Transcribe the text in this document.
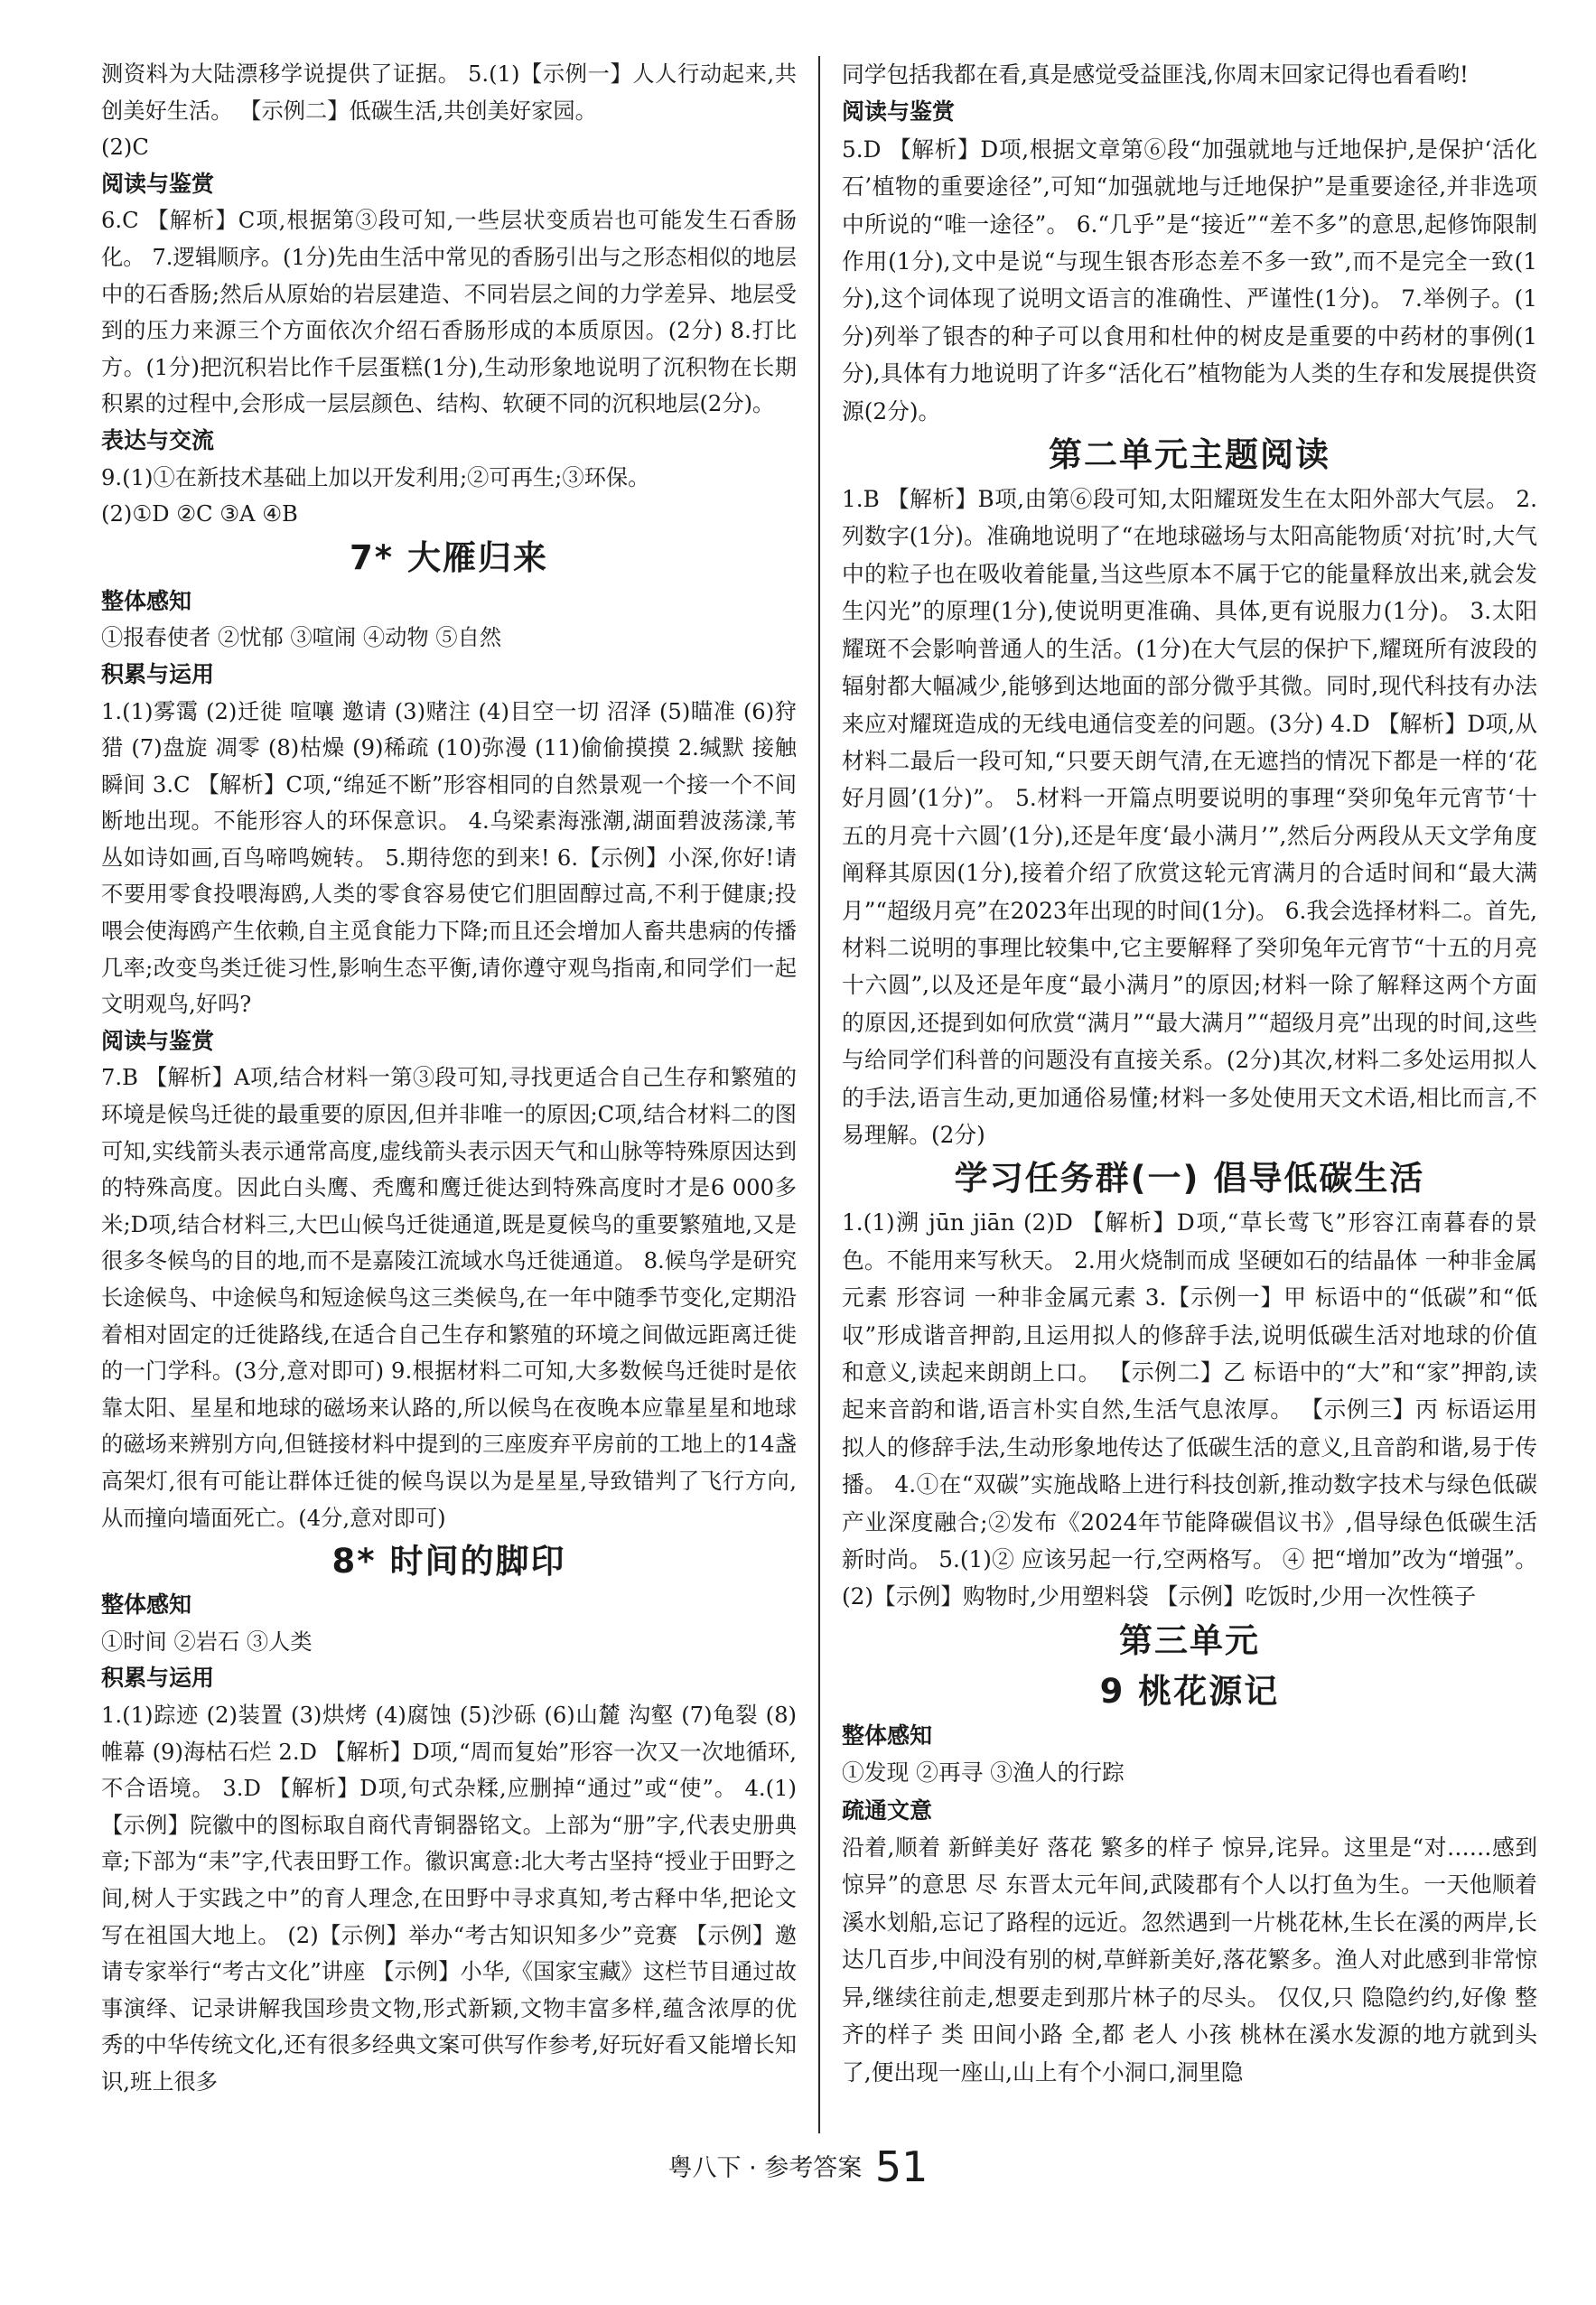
测资料为大陆漂移学说提供了证据。 5.(1)【示例一】人人行动起来,共创美好生活。 【示例二】低碳生活,共创美好家园。

(2)C

阅读与鉴赏

6.C 【解析】C项,根据第③段可知,一些层状变质岩也可能发生石香肠化。 7.逻辑顺序。(1分)先由生活中常见的香肠引出与之形态相似的地层中的石香肠;然后从原始的岩层建造、不同岩层之间的力学差异、地层受到的压力来源三个方面依次介绍石香肠形成的本质原因。(2分) 8.打比方。(1分)把沉积岩比作千层蛋糕(1分),生动形象地说明了沉积物在长期积累的过程中,会形成一层层颜色、结构、软硬不同的沉积地层(2分)。

表达与交流

9.(1)①在新技术基础上加以开发利用;②可再生;③环保。

(2)①D ②C ③A ④B

7* 大雁归来

整体感知

①报春使者 ②忧郁 ③喧闹 ④动物 ⑤自然

积累与运用

1.(1)雾霭 (2)迁徙 喧嚷 邀请 (3)赌注 (4)目空一切 沼泽 (5)瞄准 (6)狩猎 (7)盘旋 凋零 (8)枯燥 (9)稀疏 (10)弥漫 (11)偷偷摸摸 2.缄默 接触 瞬间 3.C 【解析】C项,“绵延不断”形容相同的自然景观一个接一个不间断地出现。不能形容人的环保意识。 4.乌梁素海涨潮,湖面碧波荡漾,苇丛如诗如画,百鸟啼鸣婉转。 5.期待您的到来! 6.【示例】小深,你好!请不要用零食投喂海鸥,人类的零食容易使它们胆固醇过高,不利于健康;投喂会使海鸥产生依赖,自主觅食能力下降;而且还会增加人畜共患病的传播几率;改变鸟类迁徙习性,影响生态平衡,请你遵守观鸟指南,和同学们一起文明观鸟,好吗?

阅读与鉴赏

7.B 【解析】A项,结合材料一第③段可知,寻找更适合自己生存和繁殖的环境是候鸟迁徙的最重要的原因,但并非唯一的原因;C项,结合材料二的图可知,实线箭头表示通常高度,虚线箭头表示因天气和山脉等特殊原因达到的特殊高度。因此白头鹰、秃鹰和鹰迁徙达到特殊高度时才是6 000多米;D项,结合材料三,大巴山候鸟迁徙通道,既是夏候鸟的重要繁殖地,又是很多冬候鸟的目的地,而不是嘉陵江流域水鸟迁徙通道。 8.候鸟学是研究长途候鸟、中途候鸟和短途候鸟这三类候鸟,在一年中随季节变化,定期沿着相对固定的迁徙路线,在适合自己生存和繁殖的环境之间做远距离迁徙的一门学科。(3分,意对即可) 9.根据材料二可知,大多数候鸟迁徙时是依靠太阳、星星和地球的磁场来认路的,所以候鸟在夜晚本应靠星星和地球的磁场来辨别方向,但链接材料中提到的三座废弃平房前的工地上的14盏高架灯,很有可能让群体迁徙的候鸟误以为是星星,导致错判了飞行方向,从而撞向墙面死亡。(4分,意对即可)

8* 时间的脚印

整体感知

①时间 ②岩石 ③人类

积累与运用

1.(1)踪迹 (2)装置 (3)烘烤 (4)腐蚀 (5)沙砾 (6)山麓 沟壑 (7)龟裂 (8)帷幕 (9)海枯石烂 2.D 【解析】D项,“周而复始”形容一次又一次地循环,不合语境。 3.D 【解析】D项,句式杂糅,应删掉“通过”或“使”。 4.(1)【示例】院徽中的图标取自商代青铜器铭文。上部为“册”字,代表史册典章;下部为“耒”字,代表田野工作。徽识寓意:北大考古坚持“授业于田野之间,树人于实践之中”的育人理念,在田野中寻求真知,考古释中华,把论文写在祖国大地上。 (2)【示例】举办“考古知识知多少”竞赛 【示例】邀请专家举行“考古文化”讲座 【示例】小华,《国家宝藏》这栏节目通过故事演绎、记录讲解我国珍贵文物,形式新颖,文物丰富多样,蕴含浓厚的优秀的中华传统文化,还有很多经典文案可供写作参考,好玩好看又能增长知识,班上很多

同学包括我都在看,真是感觉受益匪浅,你周末回家记得也看看哟!

阅读与鉴赏

5.D 【解析】D项,根据文章第⑥段“加强就地与迁地保护,是保护‘活化石’植物的重要途径”,可知“加强就地与迁地保护”是重要途径,并非选项中所说的“唯一途径”。 6.“几乎”是“接近”“差不多”的意思,起修饰限制作用(1分),文中是说“与现生银杏形态差不多一致”,而不是完全一致(1分),这个词体现了说明文语言的准确性、严谨性(1分)。 7.举例子。(1分)列举了银杏的种子可以食用和杜仲的树皮是重要的中药材的事例(1分),具体有力地说明了许多“活化石”植物能为人类的生存和发展提供资源(2分)。

第二单元主题阅读

1.B 【解析】B项,由第⑥段可知,太阳耀斑发生在太阳外部大气层。 2.列数字(1分)。准确地说明了“在地球磁场与太阳高能物质‘对抗’时,大气中的粒子也在吸收着能量,当这些原本不属于它的能量释放出来,就会发生闪光”的原理(1分),使说明更准确、具体,更有说服力(1分)。 3.太阳耀斑不会影响普通人的生活。(1分)在大气层的保护下,耀斑所有波段的辐射都大幅减少,能够到达地面的部分微乎其微。同时,现代科技有办法来应对耀斑造成的无线电通信变差的问题。(3分) 4.D 【解析】D项,从材料二最后一段可知,“只要天朗气清,在无遮挡的情况下都是一样的‘花好月圆’(1分)”。 5.材料一开篇点明要说明的事理“癸卯兔年元宵节‘十五的月亮十六圆’(1分),还是年度‘最小满月’”,然后分两段从天文学角度阐释其原因(1分),接着介绍了欣赏这轮元宵满月的合适时间和“最大满月”“超级月亮”在2023年出现的时间(1分)。 6.我会选择材料二。首先,材料二说明的事理比较集中,它主要解释了癸卯兔年元宵节“十五的月亮十六圆”,以及还是年度“最小满月”的原因;材料一除了解释这两个方面的原因,还提到如何欣赏“满月”“最大满月”“超级月亮”出现的时间,这些与给同学们科普的问题没有直接关系。(2分)其次,材料二多处运用拟人的手法,语言生动,更加通俗易懂;材料一多处使用天文术语,相比而言,不易理解。(2分)

学习任务群(一) 倡导低碳生活

1.(1)溯 jūn jiān (2)D 【解析】D项,“草长莺飞”形容江南暮春的景色。不能用来写秋天。 2.用火烧制而成 坚硬如石的结晶体 一种非金属元素 形容词 一种非金属元素 3.【示例一】甲 标语中的“低碳”和“低収”形成谐音押韵,且运用拟人的修辞手法,说明低碳生活对地球的价值和意义,读起来朗朗上口。 【示例二】乙 标语中的“大”和“家”押韵,读起来音韵和谐,语言朴实自然,生活气息浓厚。 【示例三】丙 标语运用拟人的修辞手法,生动形象地传达了低碳生活的意义,且音韵和谐,易于传播。 4.①在“双碳”实施战略上进行科技创新,推动数字技术与绿色低碳产业深度融合;②发布《2024年节能降碳倡议书》,倡导绿色低碳生活新时尚。 5.(1)② 应该另起一行,空两格写。 ④ 把“增加”改为“增强”。 (2)【示例】购物时,少用塑料袋 【示例】吃饭时,少用一次性筷子

第三单元

9 桃花源记

整体感知

①发现 ②再寻 ③渔人的行踪

疏通文意

沿着,顺着 新鲜美好 落花 繁多的样子 惊异,诧异。这里是“对……感到惊异”的意思 尽 东晋太元年间,武陵郡有个人以打鱼为生。一天他顺着溪水划船,忘记了路程的远近。忽然遇到一片桃花林,生长在溪的两岸,长达几百步,中间没有别的树,草鲜新美好,落花繁多。渔人对此感到非常惊异,继续往前走,想要走到那片林子的尽头。 仅仅,只 隐隐约约,好像 整齐的样子 类 田间小路 全,都 老人 小孩 桃林在溪水发源的地方就到头了,便出现一座山,山上有个小洞口,洞里隐

粤八下 · 参考答案 51
